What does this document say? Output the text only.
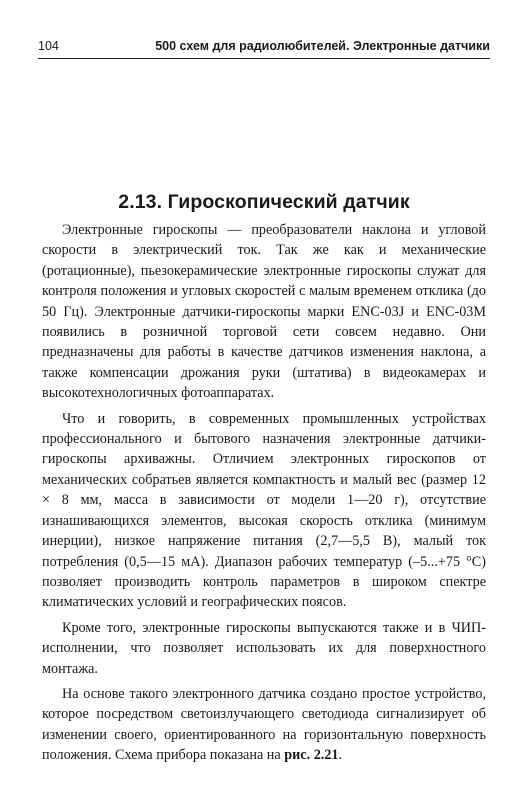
104	500 схем для радиолюбителей. Электронные датчики
2.13. Гироскопический датчик

Электронные гироскопы — преобразователи наклона и угловой скорости в электрический ток. Так же как и механические (ротационные), пьезокерамические электронные гироскопы служат для контроля положения и угловых скоростей с малым временем отклика (до 50 Гц). Электронные датчики-гироскопы марки ENC-03J и ENC-03M появились в розничной торговой сети совсем недавно. Они предназначены для работы в качестве датчиков изменения наклона, а также компенсации дрожания руки (штатива) в видеокамерах и высокотехнологичных фотоаппаратах.

Что и говорить, в современных промышленных устройствах профессионального и бытового назначения электронные датчики-гироскопы архиважны. Отличием электронных гироскопов от механических собратьев является компактность и малый вес (размер 12 × 8 мм, масса в зависимости от модели 1—20 г), отсутствие изнашивающихся элементов, высокая скорость отклика (минимум инерции), низкое напряжение питания (2,7—5,5 В), малый ток потребления (0,5—15 мА). Диапазон рабочих температур (–5...+75 °C) позволяет производить контроль параметров в широком спектре климатических условий и географических поясов.

Кроме того, электронные гироскопы выпускаются также и в ЧИП-исполнении, что позволяет использовать их для поверхностного монтажа.

На основе такого электронного датчика создано простое устройство, которое посредством светоизлучающего светодиода сигнализирует об изменении своего, ориентированного на горизонтальную поверхность положения. Схема прибора показана на рис. 2.21.
